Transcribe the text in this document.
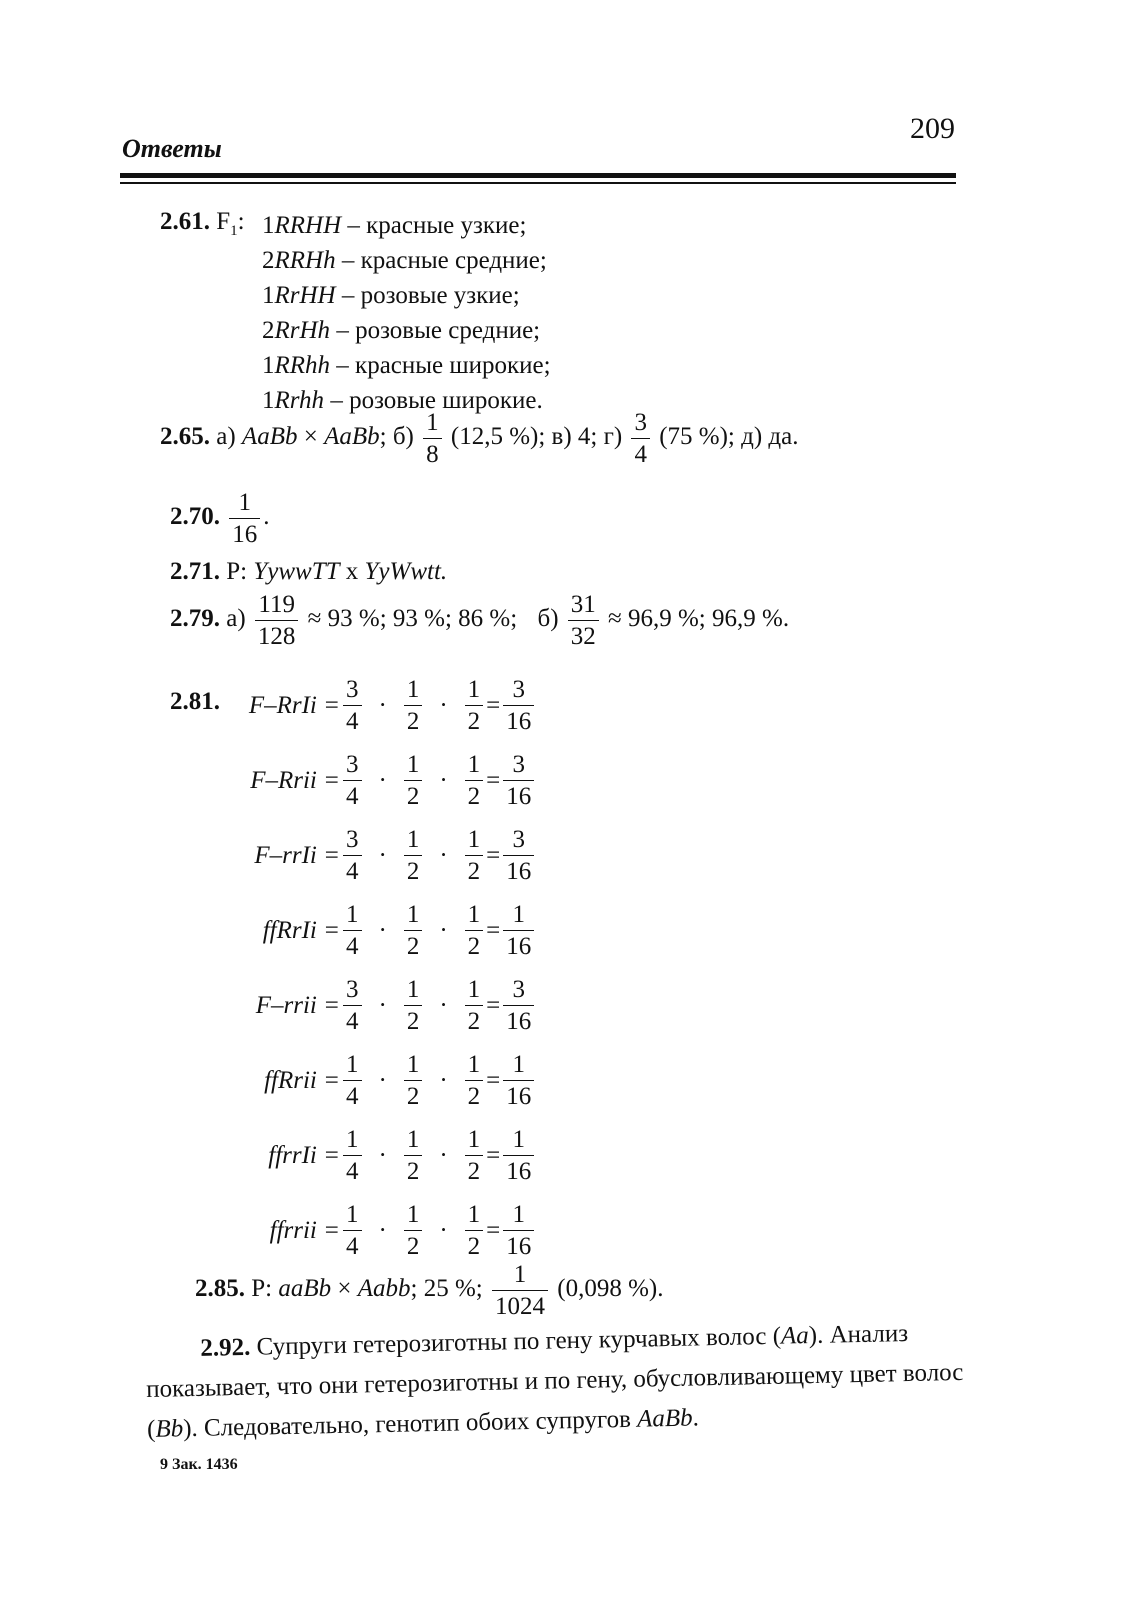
Ответы
209
2.61. $F_1$: 1RRHH – красные узкие;
2RRHh – красные средние;
1RrHH – розовые узкие;
2RrHh – розовые средние;
1RRhh – красные широкие;
1Rrhh – розовые широкие.
2.65. а) AaBb × AaBb; $б) \frac{1}{8} (12,5$ %); в) 4; $г) \frac{3}{4} (75$ %); д) да.
2.70. $\frac{1}{16}$ .
2.71. P: YywwTT x YyWwtt.
2.79. $а) \frac{119}{128} \approx 93$ %; 93 %; 86 %; $б) \frac{31}{32} \approx 96,9$ %; 96,9 %.
2.81.	F–RrIi = $\frac{3}{4} \cdot \frac{1}{2} \cdot \frac{1}{2} = \frac{3}{16}$
F–Rrii = $\frac{3}{4} \cdot \frac{1}{2} \cdot \frac{1}{2} = \frac{3}{16}$
F–rrIi = $\frac{3}{4} \cdot \frac{1}{2} \cdot \frac{1}{2} = \frac{3}{16}$
ffRrIi = $\frac{1}{4} \cdot \frac{1}{2} \cdot \frac{1}{2} = \frac{1}{16}$
F–rrii = $\frac{3}{4} \cdot \frac{1}{2} \cdot \frac{1}{2} = \frac{3}{16}$
ffRrii = $\frac{1}{4} \cdot \frac{1}{2} \cdot \frac{1}{2} = \frac{1}{16}$
ffrrIi = $\frac{1}{4} \cdot \frac{1}{2} \cdot \frac{1}{2} = \frac{1}{16}$
ffrrii = $\frac{1}{4} \cdot \frac{1}{2} \cdot \frac{1}{2} = \frac{1}{16}$
2.85. P: aaBb × Aabb; 25 %; $\frac{1}{1024} (0,098$ %).
2.92. Супруги гетерозиготны по гену курчавых волос (Aa). Анализ показывает, что они гетерозиготны и по гену, обусловливающему цвет волос (Bb). Следовательно, генотип обоих супругов AaBb.
9 Зак. 1436
